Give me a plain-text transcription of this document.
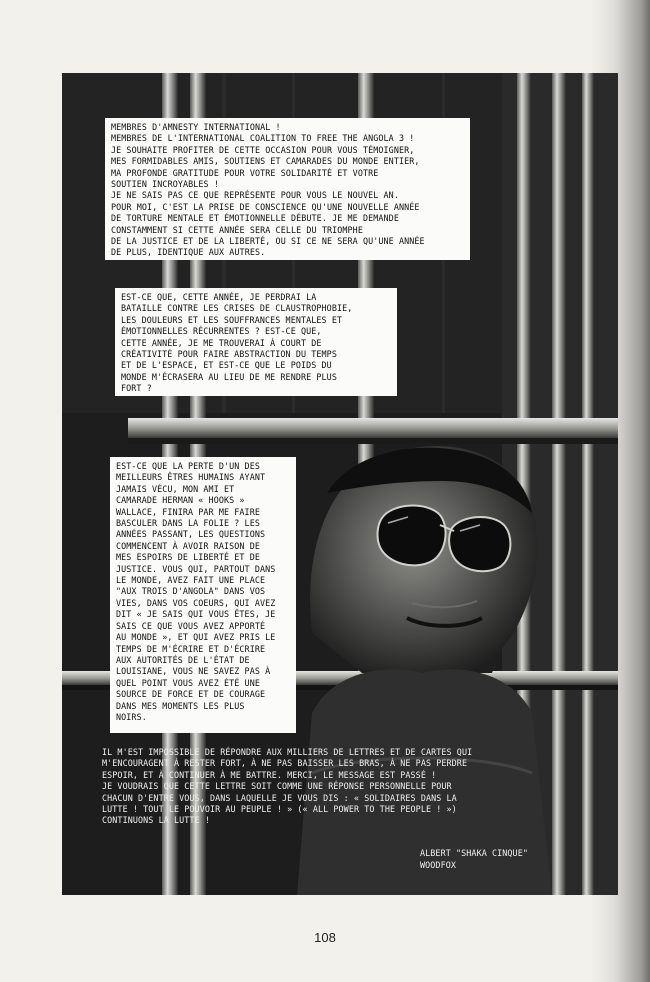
MEMBRES D'AMNESTY INTERNATIONAL !
MEMBRES DE L'INTERNATIONAL COALITION TO FREE THE ANGOLA 3 !
JE SOUHAITE PROFITER DE CETTE OCCASION POUR VOUS TÉMOIGNER,
MES FORMIDABLES AMIS, SOUTIENS ET CAMARADES DU MONDE ENTIER,
MA PROFONDE GRATITUDE POUR VOTRE SOLIDARITÉ ET VOTRE
SOUTIEN INCROYABLES !
JE NE SAIS PAS CE QUE REPRÉSENTE POUR VOUS LE NOUVEL AN.
POUR MOI, C'EST LA PRISE DE CONSCIENCE QU'UNE NOUVELLE ANNÉE
DE TORTURE MENTALE ET ÉMOTIONNELLE DÉBUTE. JE ME DEMANDE
CONSTAMMENT SI CETTE ANNÉE SERA CELLE DU TRIOMPHE
DE LA JUSTICE ET DE LA LIBERTÉ, OU SI CE NE SERA QU'UNE ANNÉE
DE PLUS, IDENTIQUE AUX AUTRES.

EST-CE QUE, CETTE ANNÉE, JE PERDRAI LA
BATAILLE CONTRE LES CRISES DE CLAUSTROPHOBIE,
LES DOULEURS ET LES SOUFFRANCES MENTALES ET
ÉMOTIONNELLES RÉCURRENTES ? EST-CE QUE,
CETTE ANNÉE, JE ME TROUVERAI À COURT DE
CRÉATIVITÉ POUR FAIRE ABSTRACTION DU TEMPS
ET DE L'ESPACE, ET EST-CE QUE LE POIDS DU
MONDE M'ÉCRASERA AU LIEU DE ME RENDRE PLUS
FORT ?

EST-CE QUE LA PERTE D'UN DES
MEILLEURS ÊTRES HUMAINS AYANT
JAMAIS VÉCU, MON AMI ET
CAMARADE HERMAN « HOOKS »
WALLACE, FINIRA PAR ME FAIRE
BASCULER DANS LA FOLIE ? LES
ANNÉES PASSANT, LES QUESTIONS
COMMENCENT À AVOIR RAISON DE
MES ESPOIRS DE LIBERTÉ ET DE
JUSTICE. VOUS QUI, PARTOUT DANS
LE MONDE, AVEZ FAIT UNE PLACE
"AUX TROIS D'ANGOLA" DANS VOS
VIES, DANS VOS COEURS, QUI AVEZ
DIT « JE SAIS QUI VOUS ÊTES, JE
SAIS CE QUE VOUS AVEZ APPORTÉ
AU MONDE », ET QUI AVEZ PRIS LE
TEMPS DE M'ÉCRIRE ET D'ÉCRIRE
AUX AUTORITÉS DE L'ÉTAT DE
LOUISIANE, VOUS NE SAVEZ PAS À
QUEL POINT VOUS AVEZ ÉTÉ UNE
SOURCE DE FORCE ET DE COURAGE
DANS MES MOMENTS LES PLUS
NOIRS.

IL M'EST IMPOSSIBLE DE RÉPONDRE AUX MILLIERS DE LETTRES ET DE CARTES QUI
M'ENCOURAGENT À RESTER FORT, À NE PAS BAISSER LES BRAS, À NE PAS PERDRE
ESPOIR, ET À CONTINUER À ME BATTRE. MERCI, LE MESSAGE EST PASSÉ !
JE VOUDRAIS QUE CETTE LETTRE SOIT COMME UNE RÉPONSE PERSONNELLE POUR
CHACUN D'ENTRE VOUS, DANS LAQUELLE JE VOUS DIS : « SOLIDAIRES DANS LA
LUTTE ! TOUT LE POUVOIR AU PEUPLE ! » (« ALL POWER TO THE PEOPLE ! »)
CONTINUONS LA LUTTE !

ALBERT "SHAKA CINQUE"
WOODFOX

108
